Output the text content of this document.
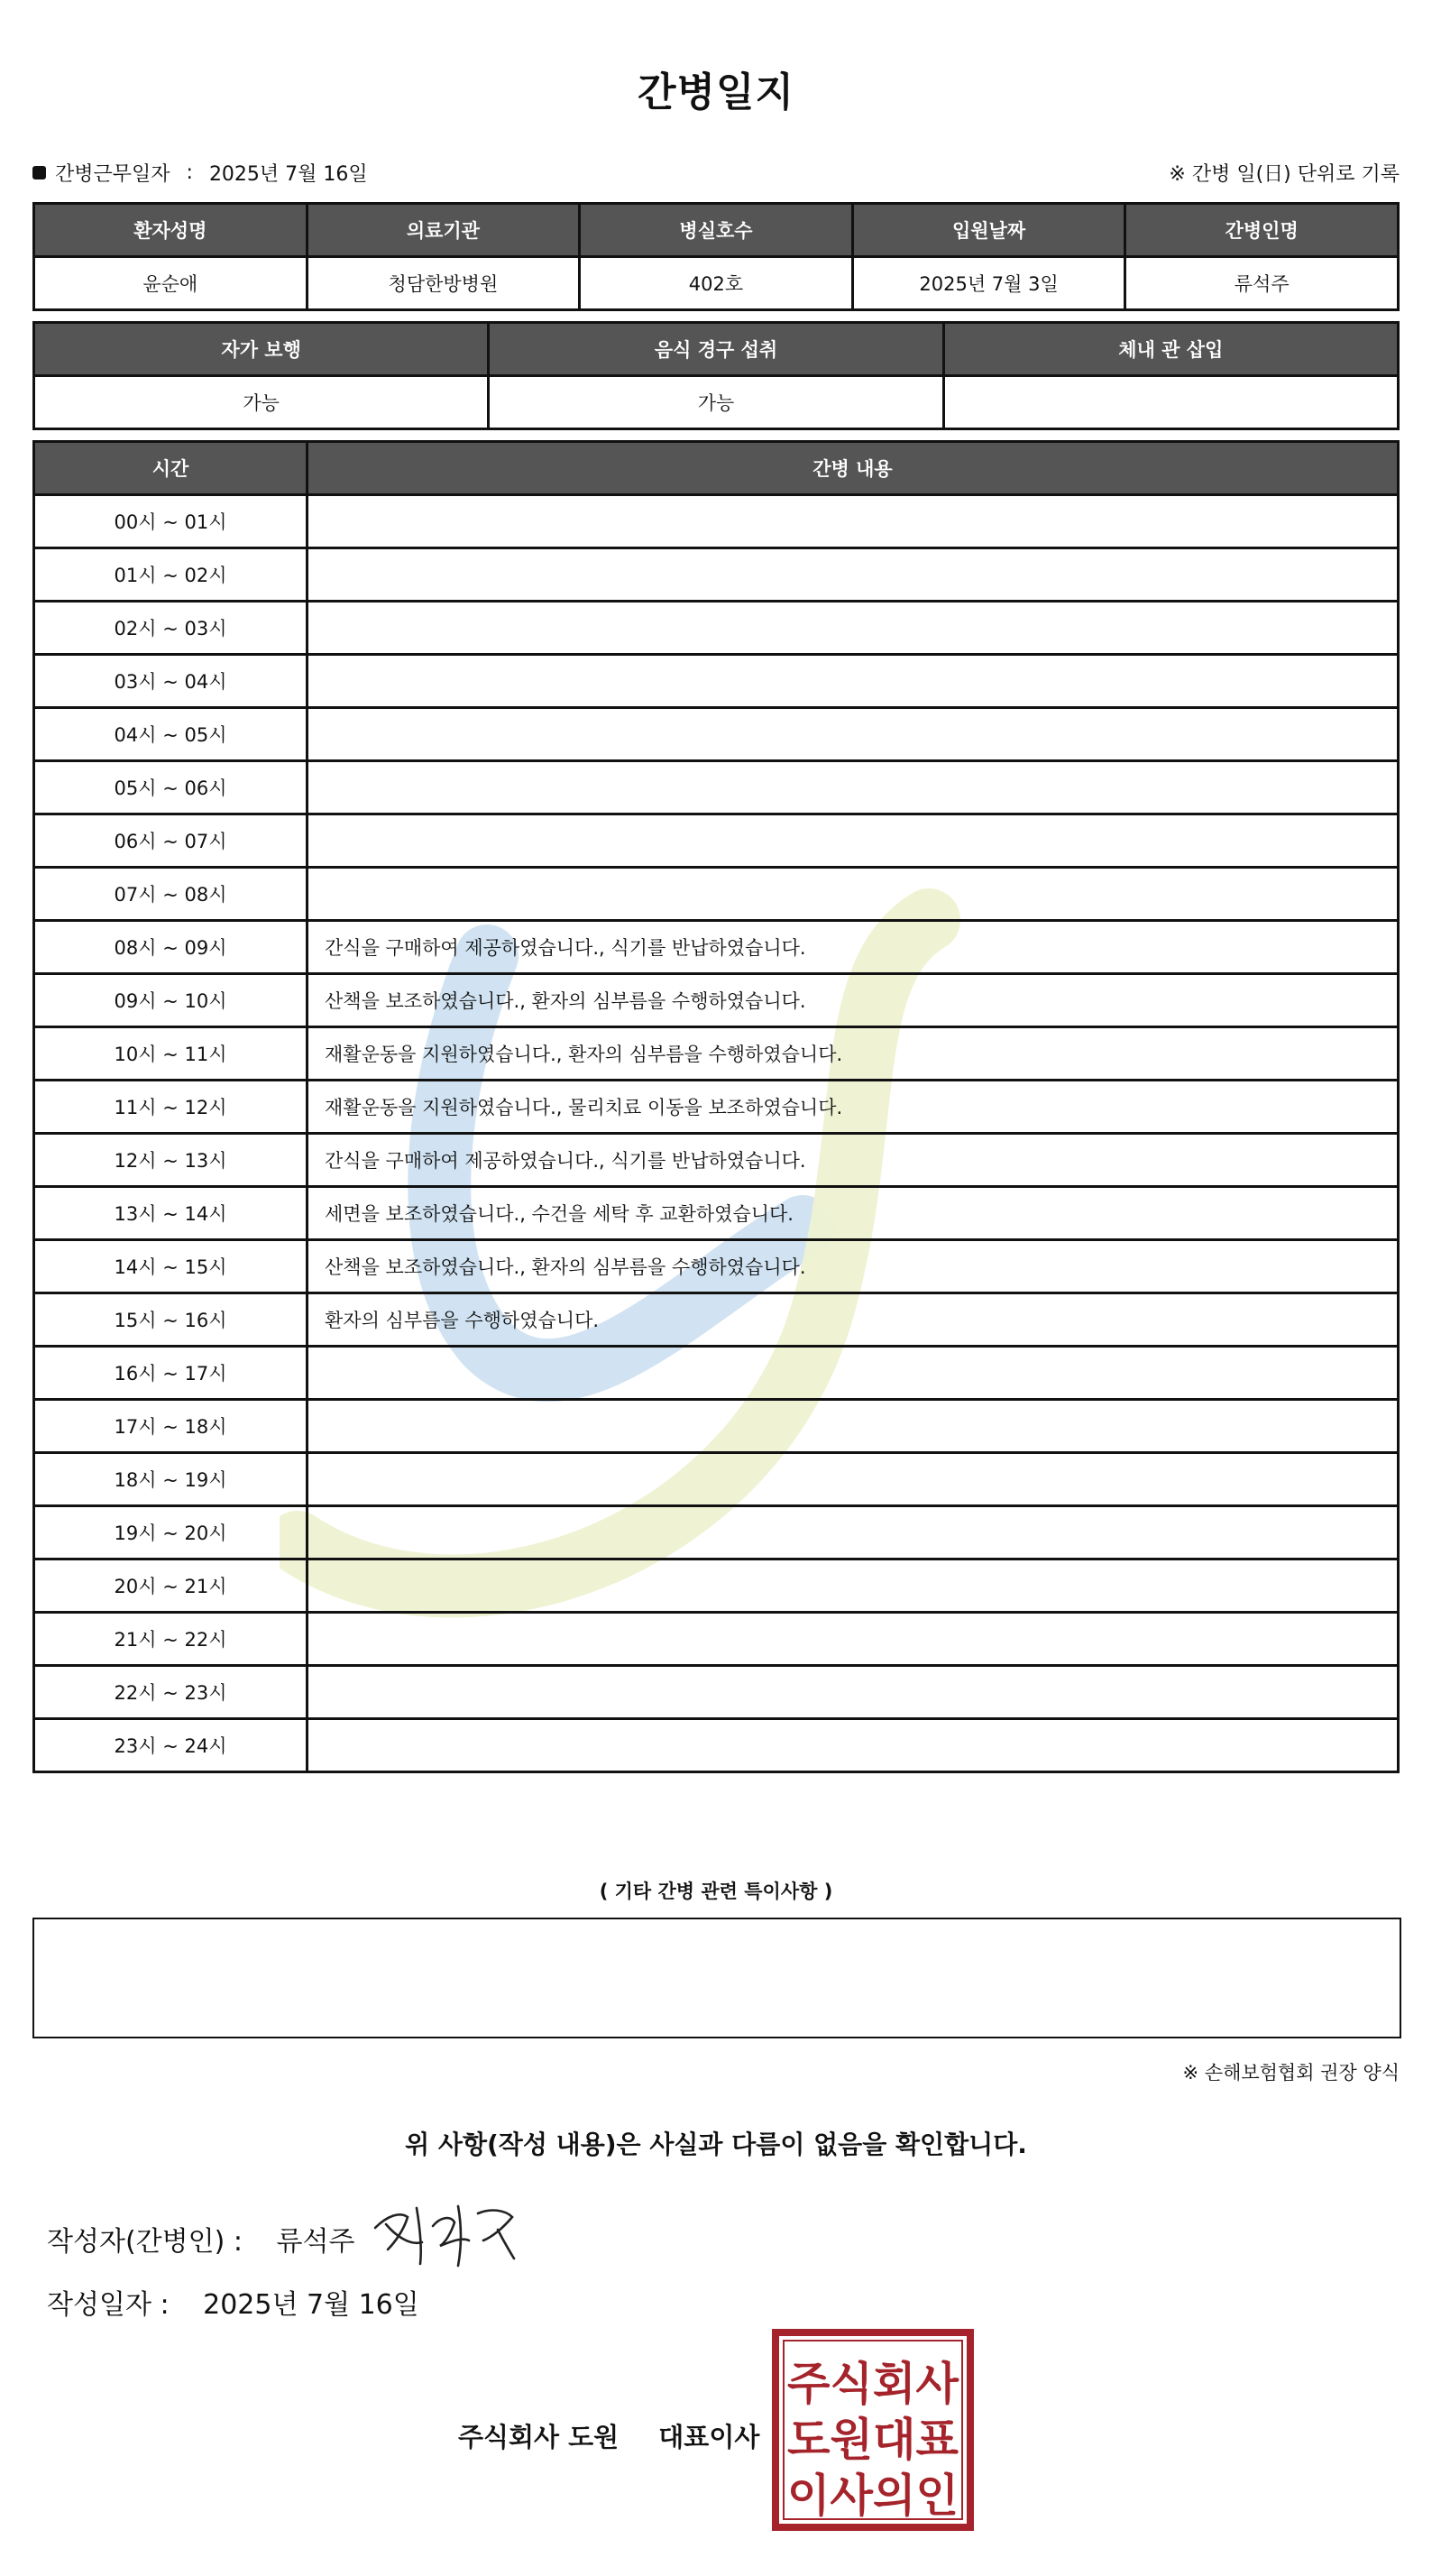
간병일지
간병근무일자 : 2025년 7월 16일	※ 간병 일(日) 단위로 기록
환자성명	의료기관	병실호수	입원날짜	간병인명
윤순애	청담한방병원	402호	2025년 7월 3일	류석주
자가 보행	음식 경구 섭취	체내 관 삽입
가능	가능	
시간	간병 내용
00시 ~ 01시	
01시 ~ 02시	
02시 ~ 03시	
03시 ~ 04시	
04시 ~ 05시	
05시 ~ 06시	
06시 ~ 07시	
07시 ~ 08시	
08시 ~ 09시	간식을 구매하여 제공하였습니다., 식기를 반납하였습니다.
09시 ~ 10시	산책을 보조하였습니다., 환자의 심부름을 수행하였습니다.
10시 ~ 11시	재활운동을 지원하였습니다., 환자의 심부름을 수행하였습니다.
11시 ~ 12시	재활운동을 지원하였습니다., 물리치료 이동을 보조하였습니다.
12시 ~ 13시	간식을 구매하여 제공하였습니다., 식기를 반납하였습니다.
13시 ~ 14시	세면을 보조하였습니다., 수건을 세탁 후 교환하였습니다.
14시 ~ 15시	산책을 보조하였습니다., 환자의 심부름을 수행하였습니다.
15시 ~ 16시	환자의 심부름을 수행하였습니다.
16시 ~ 17시	
17시 ~ 18시	
18시 ~ 19시	
19시 ~ 20시	
20시 ~ 21시	
21시 ~ 22시	
22시 ~ 23시	
23시 ~ 24시	
( 기타 간병 관련 특이사항 )
※ 손해보험협회 권장 양식
위 사항(작성 내용)은 사실과 다름이 없음을 확인합니다.
작성자(간병인) : 류석주
작성일자 : 2025년 7월 16일
주식회사 도원 대표이사
주식회사
도원대표
이사의인
